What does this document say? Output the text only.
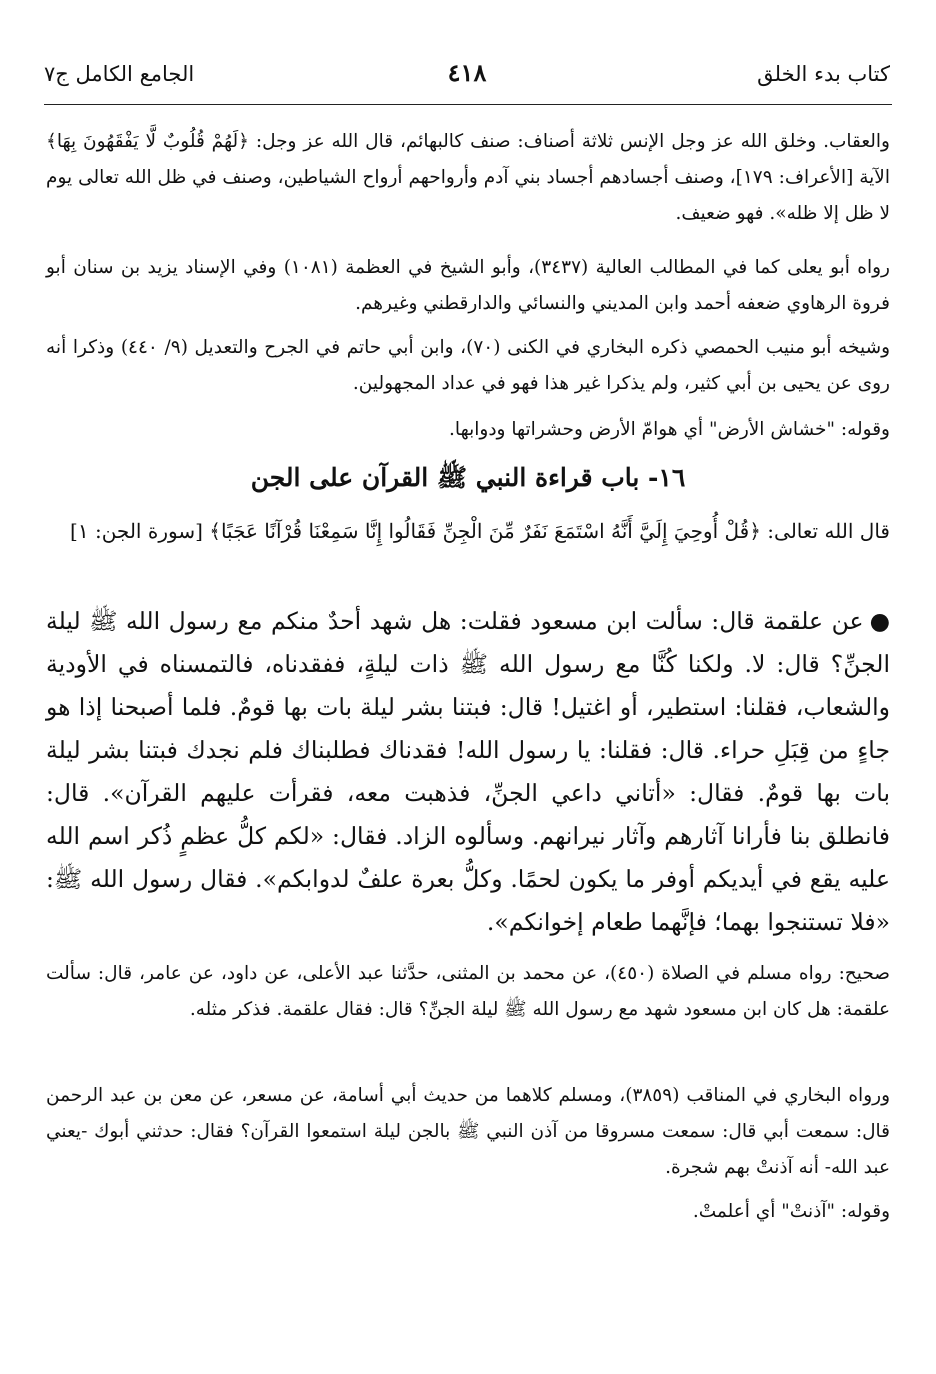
كتاب بدء الخلق
٤١٨
الجامع الكامل ج٧

والعقاب. وخلق الله عز وجل الإنس ثلاثة أصناف: صنف كالبهائم، قال الله عز وجل: ﴿لَهُمْ قُلُوبٌ لَّا يَفْقَهُونَ بِهَا﴾ الآية [الأعراف: ١٧٩]، وصنف أجسادهم أجساد بني آدم وأرواحهم أرواح الشياطين، وصنف في ظل الله تعالى يوم لا ظل إلا ظله». فهو ضعيف.

رواه أبو يعلى كما في المطالب العالية (٣٤٣٧)، وأبو الشيخ في العظمة (١٠٨١) وفي الإسناد يزيد بن سنان أبو فروة الرهاوي ضعفه أحمد وابن المديني والنسائي والدارقطني وغيرهم.

وشيخه أبو منيب الحمصي ذكره البخاري في الكنى (٧٠)، وابن أبي حاتم في الجرح والتعديل (٩/ ٤٤٠) وذكرا أنه روى عن يحيى بن أبي كثير، ولم يذكرا غير هذا فهو في عداد المجهولين.

وقوله: "خشاش الأرض" أي هوامّ الأرض وحشراتها ودوابها.

١٦- باب قراءة النبي ﷺ القرآن على الجن

قال الله تعالى: ﴿قُلْ أُوحِيَ إِلَيَّ أَنَّهُ اسْتَمَعَ نَفَرٌ مِّنَ الْجِنِّ فَقَالُوا إِنَّا سَمِعْنَا قُرْآنًا عَجَبًا﴾ [سورة الجن: ١]

●عن علقمة قال: سألت ابن مسعود فقلت: هل شهد أحدٌ منكم مع رسول الله ﷺ ليلة الجنِّ؟ قال: لا. ولكنا كُنَّا مع رسول الله ﷺ ذات ليلةٍ، ففقدناه، فالتمسناه في الأودية والشعاب، فقلنا: استطير، أو اغتيل! قال: فبتنا بشر ليلة بات بها قومٌ. فلما أصبحنا إذا هو جاءٍ من قِبَلِ حراء. قال: فقلنا: يا رسول الله! فقدناك فطلبناك فلم نجدك فبتنا بشر ليلة بات بها قومٌ. فقال: «أتاني داعي الجنِّ، فذهبت معه، فقرأت عليهم القرآن». قال: فانطلق بنا فأرانا آثارهم وآثار نيرانهم. وسألوه الزاد. فقال: «لكم كلُّ عظمٍ ذُكر اسم الله عليه يقع في أيديكم أوفر ما يكون لحمًا. وكلُّ بعرة علفٌ لدوابكم». فقال رسول الله ﷺ: «فلا تستنجوا بهما؛ فإنَّهما طعام إخوانكم».

صحيح: رواه مسلم في الصلاة (٤٥٠)، عن محمد بن المثنى، حدَّثنا عبد الأعلى، عن داود، عن عامر، قال: سألت علقمة: هل كان ابن مسعود شهد مع رسول الله ﷺ ليلة الجنِّ؟ قال: فقال علقمة. فذكر مثله.

ورواه البخاري في المناقب (٣٨٥٩)، ومسلم كلاهما من حديث أبي أسامة، عن مسعر، عن معن بن عبد الرحمن قال: سمعت أبي قال: سمعت مسروقا من آذن النبي ﷺ بالجن ليلة استمعوا القرآن؟ فقال: حدثني أبوك -يعني عبد الله- أنه آذنتْ بهم شجرة.

وقوله: "آذنتْ" أي أعلمتْ.
